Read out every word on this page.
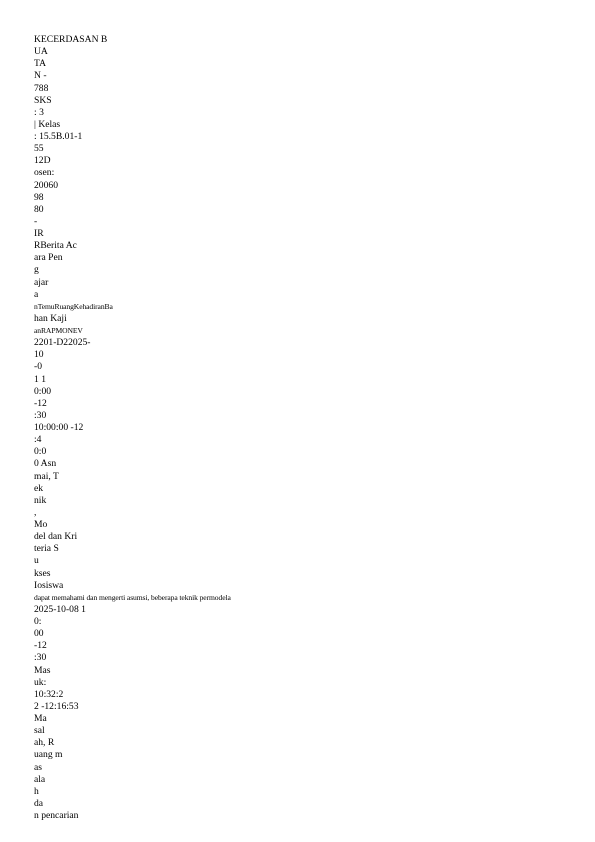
KECERDASAN B
UA
TA
N -
788
SKS
: 3
| Kelas
: 15.5B.01-1
55
12D
osen:
20060
98
80
-
IR
RBerita Ac
ara Pen
g
ajar
a
nTemuRuangKehadiranBa
han Kaji
anRAPMONEV
2201-D22025-
10
-0
1 1
0:00
-12
:30
10:00:00 -12
:4
0:0
0 Asn
mai, T
ek
nik
,
Mo
del dan Kri
teria S
u
kses
Iosiswa
dapat memahami dan mengerti asumsi, beberapa teknik permodela
2025-10-08 1
0:
00
-12
:30
Mas
uk:
10:32:2
2 -12:16:53
Ma
sal
ah, R
uang m
as
ala
h
da
n pencarian
